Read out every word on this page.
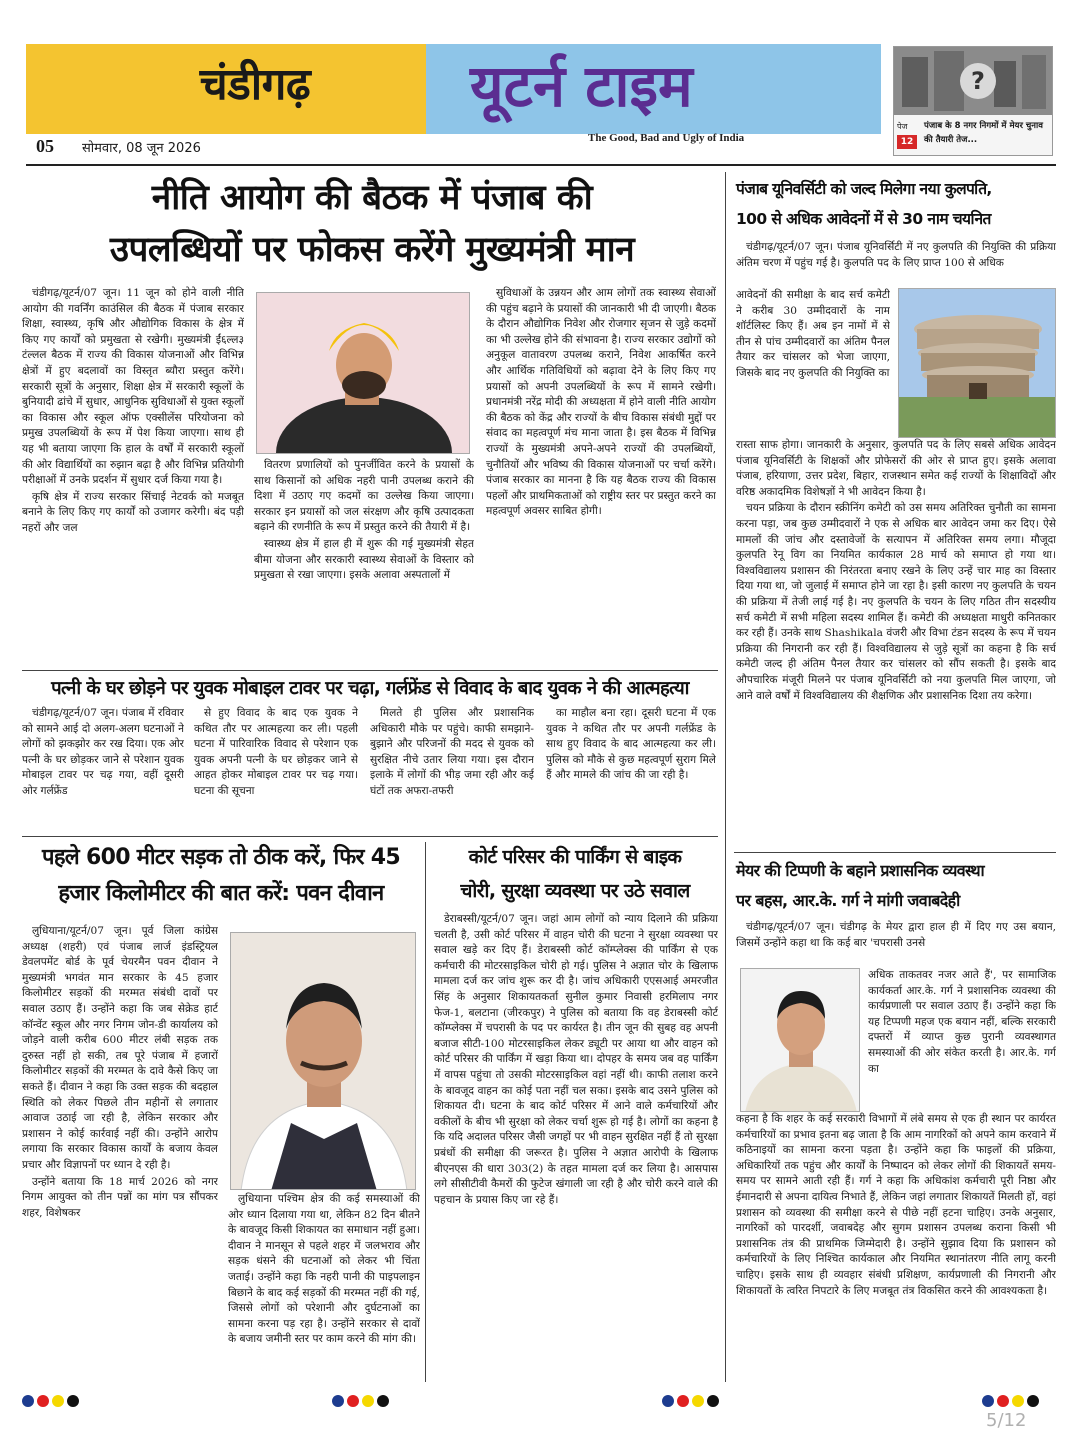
चंडीगढ़	यूटर्न टाइम
The Good, Bad and Ugly of India
05 सोमवार, 08 जून 2026
?
पेज
12
पंजाब के 8 नगर निगमों में मेयर चुनाव की तैयारी तेज...
नीति आयोग की बैठक में पंजाब की
उपलब्धियों पर फोकस करेंगे मुख्यमंत्री मान

चंडीगढ़/यूटर्न/07 जून। 11 जून को होने वाली नीति आयोग की गवर्निंग काउंसिल की बैठक में पंजाब सरकार शिक्षा, स्वास्थ्य, कृषि और औद्योगिक विकास के क्षेत्र में किए गए कार्यों को प्रमुखता से रखेगी। मुख्यमंत्री ईं६ल्ल३ टंल्लल बैठक में राज्य की विकास योजनाओं और विभिन्न क्षेत्रों में हुए बदलावों का विस्तृत ब्यौरा प्रस्तुत करेंगे। सरकारी सूत्रों के अनुसार, शिक्षा क्षेत्र में सरकारी स्कूलों के बुनियादी ढांचे में सुधार, आधुनिक सुविधाओं से युक्त स्कूलों का विकास और स्कूल ऑफ एक्सीलेंस परियोजना को प्रमुख उपलब्धियों के रूप में पेश किया जाएगा। साथ ही यह भी बताया जाएगा कि हाल के वर्षों में सरकारी स्कूलों की ओर विद्यार्थियों का रुझान बढ़ा है और विभिन्न प्रतियोगी परीक्षाओं में उनके प्रदर्शन में सुधार दर्ज किया गया है।

कृषि क्षेत्र में राज्य सरकार सिंचाई नेटवर्क को मजबूत बनाने के लिए किए गए कार्यों को उजागर करेगी। बंद पड़ी नहरों और जल

वितरण प्रणालियों को पुनर्जीवित करने के प्रयासों के साथ किसानों को अधिक नहरी पानी उपलब्ध कराने की दिशा में उठाए गए कदमों का उल्लेख किया जाएगा। सरकार इन प्रयासों को जल संरक्षण और कृषि उत्पादकता बढ़ाने की रणनीति के रूप में प्रस्तुत करने की तैयारी में है।

स्वास्थ्य क्षेत्र में हाल ही में शुरू की गई मुख्यमंत्री सेहत बीमा योजना और सरकारी स्वास्थ्य सेवाओं के विस्तार को प्रमुखता से रखा जाएगा। इसके अलावा अस्पतालों में

सुविधाओं के उन्नयन और आम लोगों तक स्वास्थ्य सेवाओं की पहुंच बढ़ाने के प्रयासों की जानकारी भी दी जाएगी। बैठक के दौरान औद्योगिक निवेश और रोजगार सृजन से जुड़े कदमों का भी उल्लेख होने की संभावना है। राज्य सरकार उद्योगों को अनुकूल वातावरण उपलब्ध कराने, निवेश आकर्षित करने और आर्थिक गतिविधियों को बढ़ावा देने के लिए किए गए प्रयासों को अपनी उपलब्धियों के रूप में सामने रखेगी। प्रधानमंत्री नरेंद्र मोदी की अध्यक्षता में होने वाली नीति आयोग की बैठक को केंद्र और राज्यों के बीच विकास संबंधी मुद्दों पर संवाद का महत्वपूर्ण मंच माना जाता है। इस बैठक में विभिन्न राज्यों के मुख्यमंत्री अपने-अपने राज्यों की उपलब्धियों, चुनौतियों और भविष्य की विकास योजनाओं पर चर्चा करेंगे। पंजाब सरकार का मानना है कि यह बैठक राज्य की विकास पहलों और प्राथमिकताओं को राष्ट्रीय स्तर पर प्रस्तुत करने का महत्वपूर्ण अवसर साबित होगी।

पत्नी के घर छोड़ने पर युवक मोबाइल टावर पर चढ़ा, गर्लफ्रेंड से विवाद के बाद युवक ने की आत्महत्या

चंडीगढ़/यूटर्न/07 जून। पंजाब में रविवार को सामने आई दो अलग-अलग घटनाओं ने लोगों को झकझोर कर रख दिया। एक ओर पत्नी के घर छोड़कर जाने से परेशान युवक मोबाइल टावर पर चढ़ गया, वहीं दूसरी ओर गर्लफ्रेंड

से हुए विवाद के बाद एक युवक ने कथित तौर पर आत्महत्या कर ली। पहली घटना में पारिवारिक विवाद से परेशान एक युवक अपनी पत्नी के घर छोड़कर जाने से आहत होकर मोबाइल टावर पर चढ़ गया। घटना की सूचना

मिलते ही पुलिस और प्रशासनिक अधिकारी मौके पर पहुंचे। काफी समझाने-बुझाने और परिजनों की मदद से युवक को सुरक्षित नीचे उतार लिया गया। इस दौरान इलाके में लोगों की भीड़ जमा रही और कई घंटों तक अफरा-तफरी

का माहौल बना रहा। दूसरी घटना में एक युवक ने कथित तौर पर अपनी गर्लफ्रेंड के साथ हुए विवाद के बाद आत्महत्या कर ली। पुलिस को मौके से कुछ महत्वपूर्ण सुराग मिले हैं और मामले की जांच की जा रही है।

पहले 600 मीटर सड़क तो ठीक करें, फिर 45
हजार किलोमीटर की बात करें: पवन दीवान

लुधियाना/यूटर्न/07 जून। पूर्व जिला कांग्रेस अध्यक्ष (शहरी) एवं पंजाब लार्ज इंडस्ट्रियल डेवलपमेंट बोर्ड के पूर्व चेयरमैन पवन दीवान ने मुख्यमंत्री भगवंत मान सरकार के 45 हजार किलोमीटर सड़कों की मरम्मत संबंधी दावों पर सवाल उठाए हैं। उन्होंने कहा कि जब सेक्रेड हार्ट कॉन्वेंट स्कूल और नगर निगम जोन-डी कार्यालय को जोड़ने वाली करीब 600 मीटर लंबी सड़क तक दुरुस्त नहीं हो सकी, तब पूरे पंजाब में हजारों किलोमीटर सड़कों की मरम्मत के दावे कैसे किए जा सकते हैं। दीवान ने कहा कि उक्त सड़क की बदहाल स्थिति को लेकर पिछले तीन महीनों से लगातार आवाज उठाई जा रही है, लेकिन सरकार और प्रशासन ने कोई कार्रवाई नहीं की। उन्होंने आरोप लगाया कि सरकार विकास कार्यों के बजाय केवल प्रचार और विज्ञापनों पर ध्यान दे रही है।

उन्होंने बताया कि 18 मार्च 2026 को नगर निगम आयुक्त को तीन पन्नों का मांग पत्र सौंपकर शहर, विशेषकर

लुधियाना पश्चिम क्षेत्र की कई समस्याओं की ओर ध्यान दिलाया गया था, लेकिन 82 दिन बीतने के बावजूद किसी शिकायत का समाधान नहीं हुआ। दीवान ने मानसून से पहले शहर में जलभराव और सड़क धंसने की घटनाओं को लेकर भी चिंता जताई। उन्होंने कहा कि नहरी पानी की पाइपलाइन बिछाने के बाद कई सड़कों की मरम्मत नहीं की गई, जिससे लोगों को परेशानी और दुर्घटनाओं का सामना करना पड़ रहा है। उन्होंने सरकार से दावों के बजाय जमीनी स्तर पर काम करने की मांग की।

कोर्ट परिसर की पार्किंग से बाइक
चोरी, सुरक्षा व्यवस्था पर उठे सवाल

डेराबस्सी/यूटर्न/07 जून। जहां आम लोगों को न्याय दिलाने की प्रक्रिया चलती है, उसी कोर्ट परिसर में वाहन चोरी की घटना ने सुरक्षा व्यवस्था पर सवाल खड़े कर दिए हैं। डेराबस्सी कोर्ट कॉम्प्लेक्स की पार्किंग से एक कर्मचारी की मोटरसाइकिल चोरी हो गई। पुलिस ने अज्ञात चोर के खिलाफ मामला दर्ज कर जांच शुरू कर दी है। जांच अधिकारी एएसआई अमरजीत सिंह के अनुसार शिकायतकर्ता सुनील कुमार निवासी हरमिलाप नगर फेज-1, बलटाना (जीरकपुर) ने पुलिस को बताया कि वह डेराबस्सी कोर्ट कॉम्प्लेक्स में चपरासी के पद पर कार्यरत है। तीन जून की सुबह वह अपनी बजाज सीटी-100 मोटरसाइकिल लेकर ड्यूटी पर आया था और वाहन को कोर्ट परिसर की पार्किंग में खड़ा किया था। दोपहर के समय जब वह पार्किंग में वापस पहुंचा तो उसकी मोटरसाइकिल वहां नहीं थी। काफी तलाश करने के बावजूद वाहन का कोई पता नहीं चल सका। इसके बाद उसने पुलिस को शिकायत दी। घटना के बाद कोर्ट परिसर में आने वाले कर्मचारियों और वकीलों के बीच भी सुरक्षा को लेकर चर्चा शुरू हो गई है। लोगों का कहना है कि यदि अदालत परिसर जैसी जगहों पर भी वाहन सुरक्षित नहीं हैं तो सुरक्षा प्रबंधों की समीक्षा की जरूरत है। पुलिस ने अज्ञात आरोपी के खिलाफ बीएनएस की धारा 303(2) के तहत मामला दर्ज कर लिया है। आसपास लगे सीसीटीवी कैमरों की फुटेज खंगाली जा रही है और चोरी करने वाले की पहचान के प्रयास किए जा रहे हैं।

पंजाब यूनिवर्सिटी को जल्द मिलेगा नया कुलपति,
100 से अधिक आवेदनों में से 30 नाम चयनित

चंडीगढ़/यूटर्न/07 जून। पंजाब यूनिवर्सिटी में नए कुलपति की नियुक्ति की प्रक्रिया अंतिम चरण में पहुंच गई है। कुलपति पद के लिए प्राप्त 100 से अधिक

आवेदनों की समीक्षा के बाद सर्च कमेटी ने करीब 30 उम्मीदवारों के नाम शॉर्टलिस्ट किए हैं। अब इन नामों में से तीन से पांच उम्मीदवारों का अंतिम पैनल तैयार कर चांसलर को भेजा जाएगा, जिसके बाद नए कुलपति की नियुक्ति का

रास्ता साफ होगा। जानकारी के अनुसार, कुलपति पद के लिए सबसे अधिक आवेदन पंजाब यूनिवर्सिटी के शिक्षकों और प्रोफेसरों की ओर से प्राप्त हुए। इसके अलावा पंजाब, हरियाणा, उत्तर प्रदेश, बिहार, राजस्थान समेत कई राज्यों के शिक्षाविदों और वरिष्ठ अकादमिक विशेषज्ञों ने भी आवेदन किया है।

चयन प्रक्रिया के दौरान स्क्रीनिंग कमेटी को उस समय अतिरिक्त चुनौती का सामना करना पड़ा, जब कुछ उम्मीदवारों ने एक से अधिक बार आवेदन जमा कर दिए। ऐसे मामलों की जांच और दस्तावेजों के सत्यापन में अतिरिक्त समय लगा। मौजूदा कुलपति रेनू विग का नियमित कार्यकाल 28 मार्च को समाप्त हो गया था। विश्वविद्यालय प्रशासन की निरंतरता बनाए रखने के लिए उन्हें चार माह का विस्तार दिया गया था, जो जुलाई में समाप्त होने जा रहा है। इसी कारण नए कुलपति के चयन की प्रक्रिया में तेजी लाई गई है। नए कुलपति के चयन के लिए गठित तीन सदस्यीय सर्च कमेटी में सभी महिला सदस्य शामिल हैं। कमेटी की अध्यक्षता माधुरी कनितकार कर रही हैं। उनके साथ Shashikala वंजरी और विभा टंडन सदस्य के रूप में चयन प्रक्रिया की निगरानी कर रही हैं। विश्वविद्यालय से जुड़े सूत्रों का कहना है कि सर्च कमेटी जल्द ही अंतिम पैनल तैयार कर चांसलर को सौंप सकती है। इसके बाद औपचारिक मंजूरी मिलने पर पंजाब यूनिवर्सिटी को नया कुलपति मिल जाएगा, जो आने वाले वर्षों में विश्वविद्यालय की शैक्षणिक और प्रशासनिक दिशा तय करेगा।

मेयर की टिप्पणी के बहाने प्रशासनिक व्यवस्था
पर बहस, आर.के. गर्ग ने मांगी जवाबदेही

चंडीगढ़/यूटर्न/07 जून। चंडीगढ़ के मेयर द्वारा हाल ही में दिए गए उस बयान, जिसमें उन्होंने कहा था कि कई बार 'चपरासी उनसे

अधिक ताकतवर नजर आते हैं', पर सामाजिक कार्यकर्ता आर.के. गर्ग ने प्रशासनिक व्यवस्था की कार्यप्रणाली पर सवाल उठाए हैं। उन्होंने कहा कि यह टिप्पणी महज एक बयान नहीं, बल्कि सरकारी दफ्तरों में व्याप्त कुछ पुरानी व्यवस्थागत समस्याओं की ओर संकेत करती है। आर.के. गर्ग का

कहना है कि शहर के कई सरकारी विभागों में लंबे समय से एक ही स्थान पर कार्यरत कर्मचारियों का प्रभाव इतना बढ़ जाता है कि आम नागरिकों को अपने काम करवाने में कठिनाइयों का सामना करना पड़ता है। उन्होंने कहा कि फाइलों की प्रक्रिया, अधिकारियों तक पहुंच और कार्यों के निष्पादन को लेकर लोगों की शिकायतें समय-समय पर सामने आती रही हैं। गर्ग ने कहा कि अधिकांश कर्मचारी पूरी निष्ठा और ईमानदारी से अपना दायित्व निभाते हैं, लेकिन जहां लगातार शिकायतें मिलती हों, वहां प्रशासन को व्यवस्था की समीक्षा करने से पीछे नहीं हटना चाहिए। उनके अनुसार, नागरिकों को पारदर्शी, जवाबदेह और सुगम प्रशासन उपलब्ध कराना किसी भी प्रशासनिक तंत्र की प्राथमिक जिम्मेदारी है। उन्होंने सुझाव दिया कि प्रशासन को कर्मचारियों के लिए निश्चित कार्यकाल और नियमित स्थानांतरण नीति लागू करनी चाहिए। इसके साथ ही व्यवहार संबंधी प्रशिक्षण, कार्यप्रणाली की निगरानी और शिकायतों के त्वरित निपटारे के लिए मजबूत तंत्र विकसित करने की आवश्यकता है।

5/12
